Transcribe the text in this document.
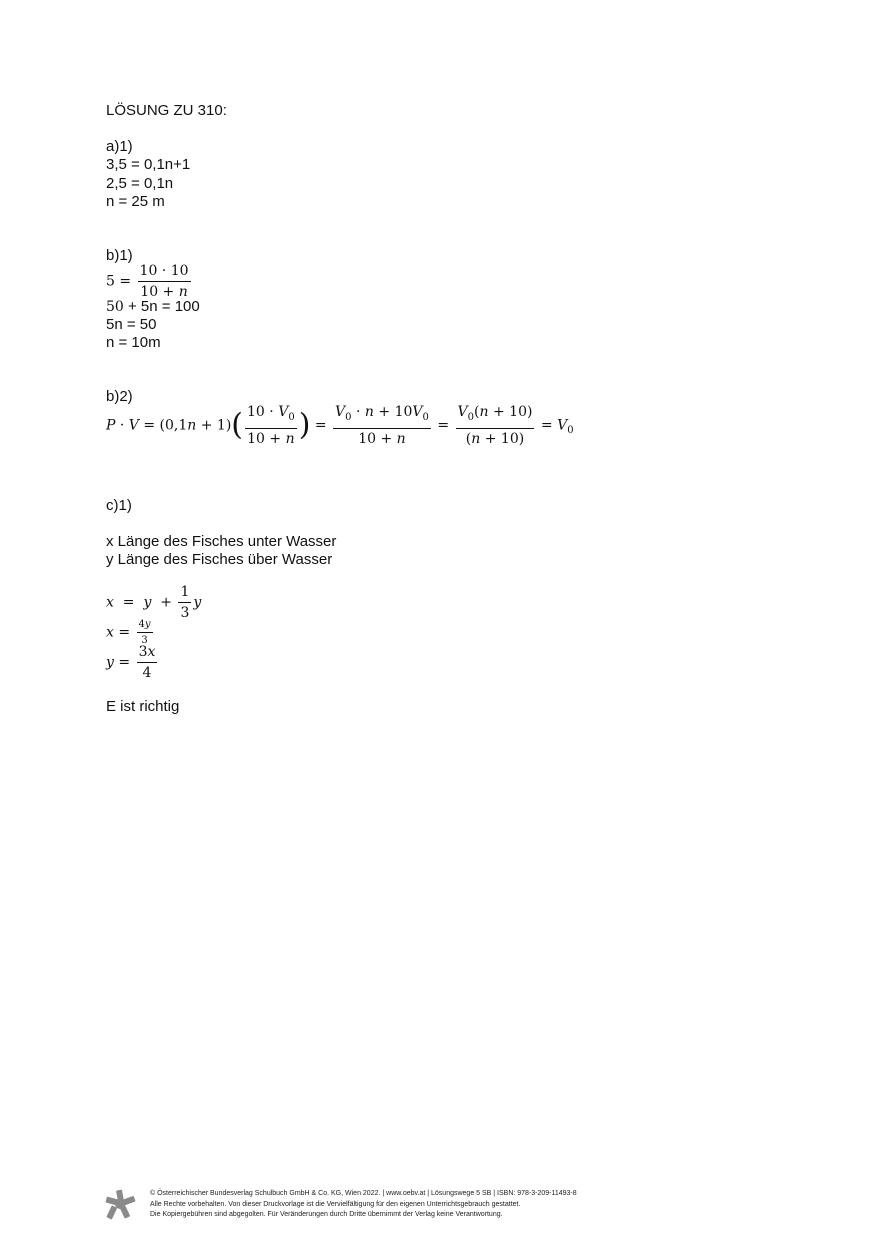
LÖSUNG ZU 310:
a)1)
3,5 = 0,1n+1
2,5 = 0,1n
n = 25 m
b)1)
$5 = \frac{10 \cdot 10}{10 + n}$
50 + 5n = 100
5n = 50
n = 10m
b)2)
$P \cdot V = (0,1n + 1)( \frac{10 \cdot V_0}{10 + n}$ ) = $\frac{V_0 \cdot n + 10V_0}{10 + n} = \frac{V_0(n + 10)}{(n + 10)} = V_0$
c)1)
x Länge des Fisches unter Wasser
y Länge des Fisches über Wasser
$x = y + \frac{1}{3}$ y
$x = \frac{4y}{3}$
$y = \frac{3x}{4}$
E ist richtig
© Österreichischer Bundesverlag Schulbuch GmbH & Co. KG, Wien 2022. | www.oebv.at | Lösungswege 5 SB | ISBN: 978-3-209-11493-8
Alle Rechte vorbehalten. Von dieser Druckvorlage ist die Vervielfältigung für den eigenen Unterrichtsgebrauch gestattet.
Die Kopiergebühren sind abgegolten. Für Veränderungen durch Dritte übernimmt der Verlag keine Verantwortung.
